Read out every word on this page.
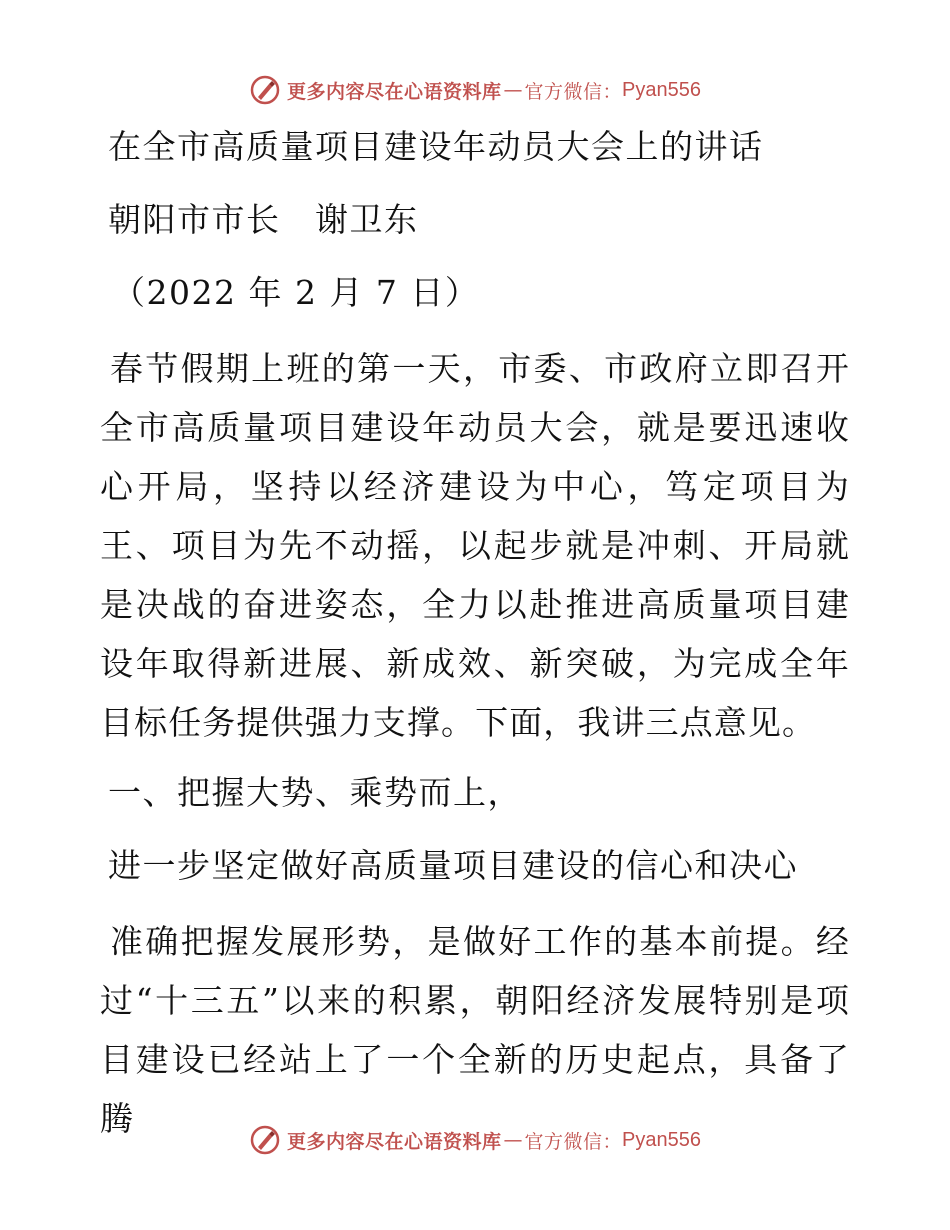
更多内容尽在心语资料库 — 官方微信： Pyan556
在全市高质量项目建设年动员大会上的讲话
朝阳市市长　谢卫东
（2022 年 2 月 7 日）

春节假期上班的第一天，市委、市政府立即召开全市高质量项目建设年动员大会，就是要迅速收心开局，坚持以经济建设为中心，笃定项目为王、项目为先不动摇，以起步就是冲刺、开局就是决战的奋进姿态，全力以赴推进高质量项目建设年取得新进展、新成效、新突破，为完成全年目标任务提供强力支撑。下面，我讲三点意见。

一、把握大势、乘势而上，
进一步坚定做好高质量项目建设的信心和决心

准确把握发展形势，是做好工作的基本前提。经过“十三五”以来的积累，朝阳经济发展特别是项目建设已经站上了一个全新的历史起点，具备了腾

更多内容尽在心语资料库 — 官方微信： Pyan556
